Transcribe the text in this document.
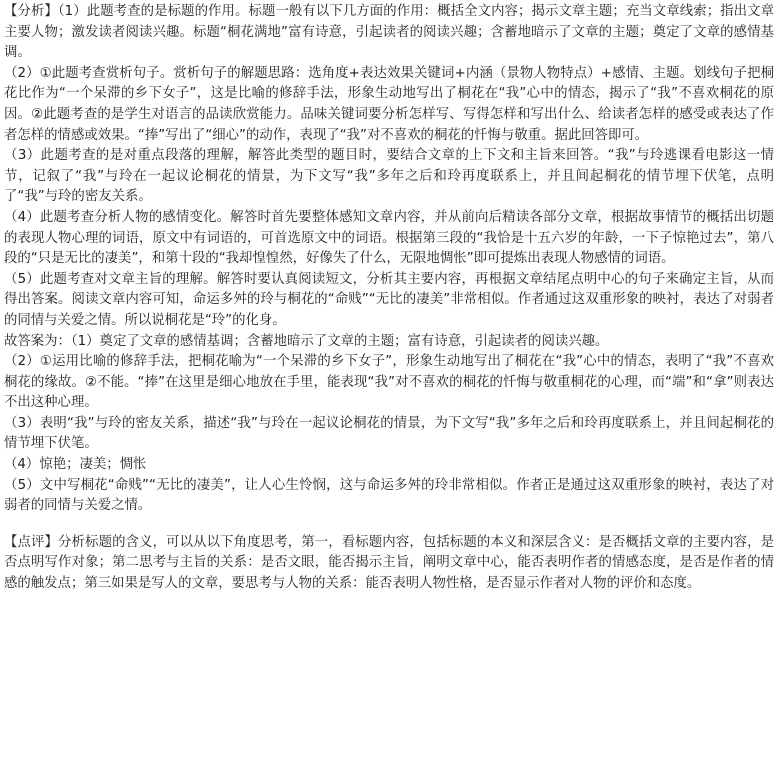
【分析】（1）此题考查的是标题的作用。标题一般有以下几方面的作用：概括全文内容；揭示文章主题；充当文章线索；指出文章主要人物；激发读者阅读兴趣。标题“桐花满地”富有诗意，引起读者的阅读兴趣；含蓄地暗示了文章的主题；奠定了文章的感情基调。

（2）①此题考查赏析句子。赏析句子的解题思路：选角度+表达效果关键词+内涵（景物人物特点）+感情、主题。划线句子把桐花比作为“一个呆滞的乡下女子”，这是比喻的修辞手法，形象生动地写出了桐花在“我”心中的情态，揭示了“我”不喜欢桐花的原因。②此题考查的是学生对语言的品读欣赏能力。品味关键词要分析怎样写、写得怎样和写出什么、给读者怎样的感受或表达了作者怎样的情感或效果。“捧”写出了“细心”的动作，表现了“我”对不喜欢的桐花的忏悔与敬重。据此回答即可。

（3）此题考查的是对重点段落的理解，解答此类型的题目时，要结合文章的上下文和主旨来回答。“我”与玲逃课看电影这一情节，记叙了“我”与玲在一起议论桐花的情景，为下文写“我”多年之后和玲再度联系上，并且间起桐花的情节埋下伏笔，点明了“我”与玲的密友关系。

（4）此题考查分析人物的感情变化。解答时首先要整体感知文章内容，并从前向后精读各部分文章，根据故事情节的概括出切题的表现人物心理的词语，原文中有词语的，可首选原文中的词语。根据第三段的“我恰是十五六岁的年龄，一下子惊艳过去”，第八段的“只是无比的凄美”，和第十段的“我却惶惶然，好像失了什么，无限地惆怅”即可提炼出表现人物感情的词语。

（5）此题考查对文章主旨的理解。解答时要认真阅读短文，分析其主要内容，再根据文章结尾点明中心的句子来确定主旨，从而得出答案。阅读文章内容可知，命运多舛的玲与桐花的“命贱”“无比的凄美”非常相似。作者通过这双重形象的映衬，表达了对弱者的同情与关爱之情。所以说桐花是“玲”的化身。

故答案为：（1）奠定了文章的感情基调；含蓄地暗示了文章的主题；富有诗意，引起读者的阅读兴趣。

（2）①运用比喻的修辞手法，把桐花喻为“一个呆滞的乡下女子”，形象生动地写出了桐花在“我”心中的情态，表明了“我”不喜欢桐花的缘故。②不能。“捧”在这里是细心地放在手里，能表现“我”对不喜欢的桐花的忏悔与敬重桐花的心理，而“端”和“拿”则表达不出这种心理。

（3）表明“我”与玲的密友关系，描述“我”与玲在一起议论桐花的情景，为下文写“我”多年之后和玲再度联系上，并且间起桐花的情节埋下伏笔。

（4）惊艳；凄美；惆怅

（5）文中写桐花“命贱”“无比的凄美”，让人心生怜悯，这与命运多舛的玲非常相似。作者正是通过这双重形象的映衬，表达了对弱者的同情与关爱之情。

【点评】分析标题的含义，可以从以下角度思考，第一，看标题内容，包括标题的本义和深层含义：是否概括文章的主要内容，是否点明写作对象；第二思考与主旨的关系：是否文眼，能否揭示主旨，阐明文章中心，能否表明作者的情感态度，是否是作者的情感的触发点；第三如果是写人的文章，要思考与人物的关系：能否表明人物性格，是否显示作者对人物的评价和态度。
